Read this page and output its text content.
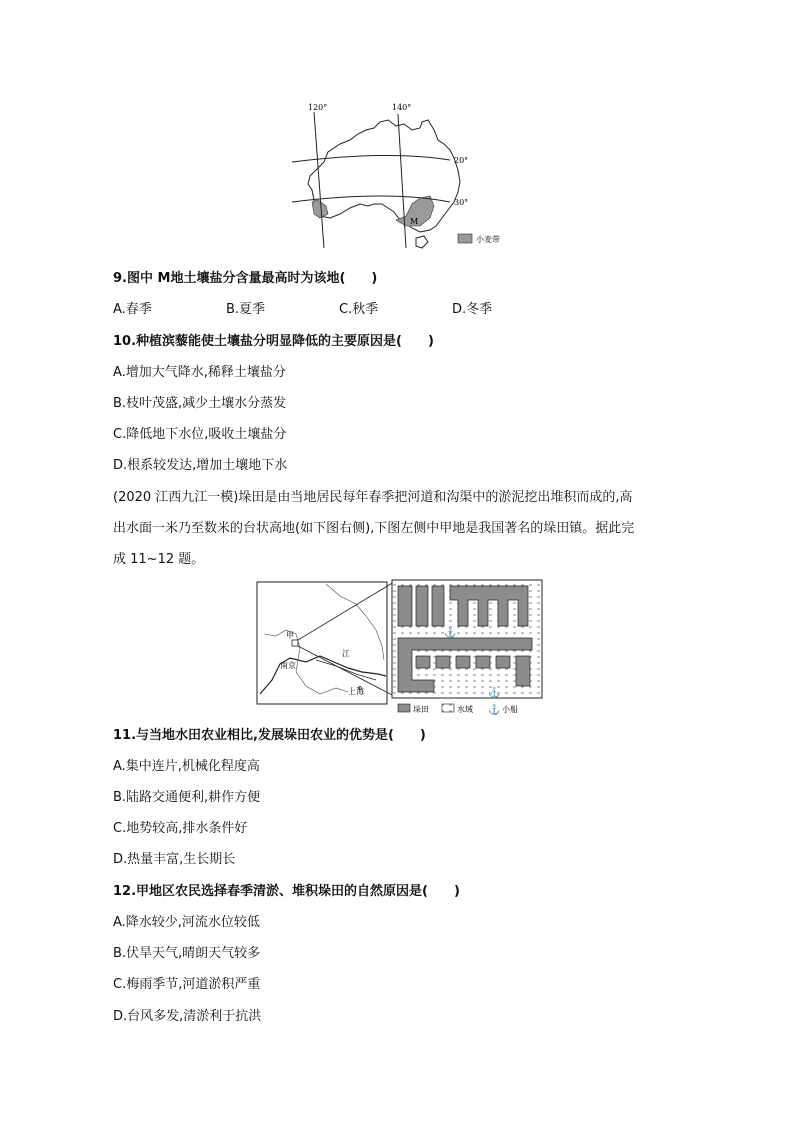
120°	140°
20°
30°
M
小麦带
9.图中 M地土壤盐分含量最高时为该地(　　)
A.春季	B.夏季	C.秋季	D.冬季
10.种植滨藜能使土壤盐分明显降低的主要原因是(　　)
A.增加大气降水,稀释土壤盐分
B.枝叶茂盛,减少土壤水分蒸发
C.降低地下水位,吸收土壤盐分
D.根系较发达,增加土壤地下水
(2020 江西九江一模)垛田是由当地居民每年春季把河道和沟渠中的淤泥挖出堆积而成的,高
出水面一米乃至数米的台状高地(如下图右侧),下图左侧中甲地是我国著名的垛田镇。据此完
成 11~12 题。
甲
南京
江
上海
⚓
⚓
垛田	水域 ⚓ 小船
11.与当地水田农业相比,发展垛田农业的优势是(　　)
A.集中连片,机械化程度高
B.陆路交通便利,耕作方便
C.地势较高,排水条件好
D.热量丰富,生长期长
12.甲地区农民选择春季清淤、堆积垛田的自然原因是(　　)
A.降水较少,河流水位较低
B.伏旱天气,晴朗天气较多
C.梅雨季节,河道淤积严重
D.台风多发,清淤利于抗洪
